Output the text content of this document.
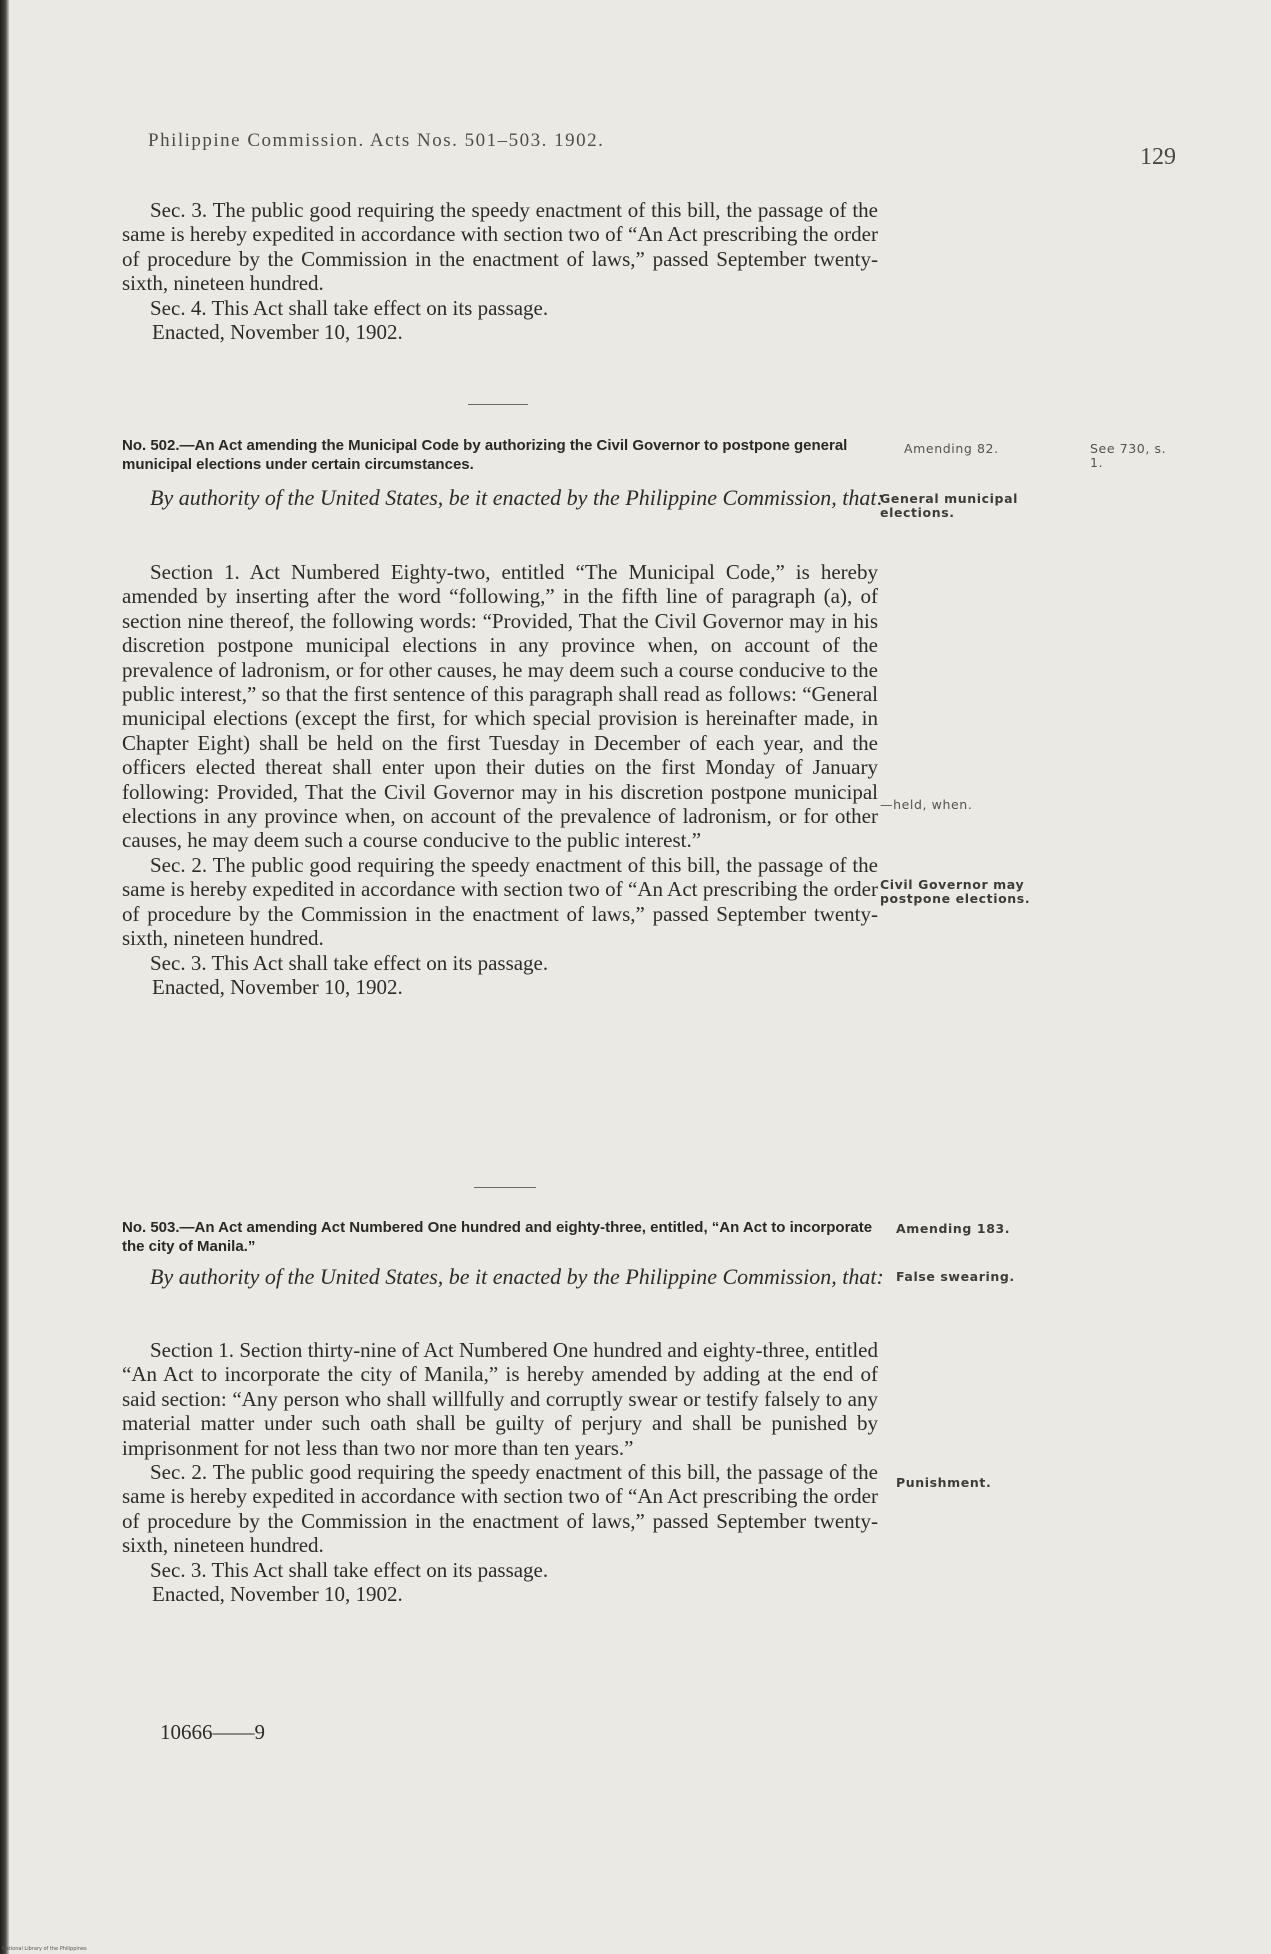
Philippine Commission. Acts Nos. 501–503. 1902.
129

Sec. 3. The public good requiring the speedy enactment of this bill, the passage of the same is hereby expedited in accordance with section two of “An Act prescribing the order of procedure by the Commission in the enactment of laws,” passed September twenty-sixth, nineteen hundred.

Sec. 4. This Act shall take effect on its passage.

Enacted, November 10, 1902.

No. 502.—An Act amending the Municipal Code by authorizing the Civil Governor to postpone general municipal elections under certain circumstances.
By authority of the United States, be it enacted by the Philippine Commission, that:

Section 1. Act Numbered Eighty-two, entitled “The Municipal Code,” is hereby amended by inserting after the word “following,” in the fifth line of paragraph (a), of section nine thereof, the following words: “Provided, That the Civil Governor may in his discretion postpone municipal elections in any province when, on account of the prevalence of ladronism, or for other causes, he may deem such a course conducive to the public interest,” so that the first sentence of this paragraph shall read as follows: “General municipal elections (except the first, for which special provision is hereinafter made, in Chapter Eight) shall be held on the first Tuesday in December of each year, and the officers elected thereat shall enter upon their duties on the first Monday of January following: Provided, That the Civil Governor may in his discretion postpone municipal elections in any province when, on account of the prevalence of ladronism, or for other causes, he may deem such a course conducive to the public interest.”

Sec. 2. The public good requiring the speedy enactment of this bill, the passage of the same is hereby expedited in accordance with section two of “An Act prescribing the order of procedure by the Commission in the enactment of laws,” passed September twenty-sixth, nineteen hundred.

Sec. 3. This Act shall take effect on its passage.

Enacted, November 10, 1902.

Amending 82.	See 730, s. 1.
General municipal elections.
—held, when.
Civil Governor may postpone elections.
No. 503.—An Act amending Act Numbered One hundred and eighty-three, entitled, “An Act to incorporate the city of Manila.”
By authority of the United States, be it enacted by the Philippine Commission, that:

Section 1. Section thirty-nine of Act Numbered One hundred and eighty-three, entitled “An Act to incorporate the city of Manila,” is hereby amended by adding at the end of said section: “Any person who shall willfully and corruptly swear or testify falsely to any material matter under such oath shall be guilty of perjury and shall be punished by imprisonment for not less than two nor more than ten years.”

Sec. 2. The public good requiring the speedy enactment of this bill, the passage of the same is hereby expedited in accordance with section two of “An Act prescribing the order of procedure by the Commission in the enactment of laws,” passed September twenty-sixth, nineteen hundred.

Sec. 3. This Act shall take effect on its passage.

Enacted, November 10, 1902.

Amending 183.
False swearing.
Punishment.
10666——9
National Library of the Philippines
